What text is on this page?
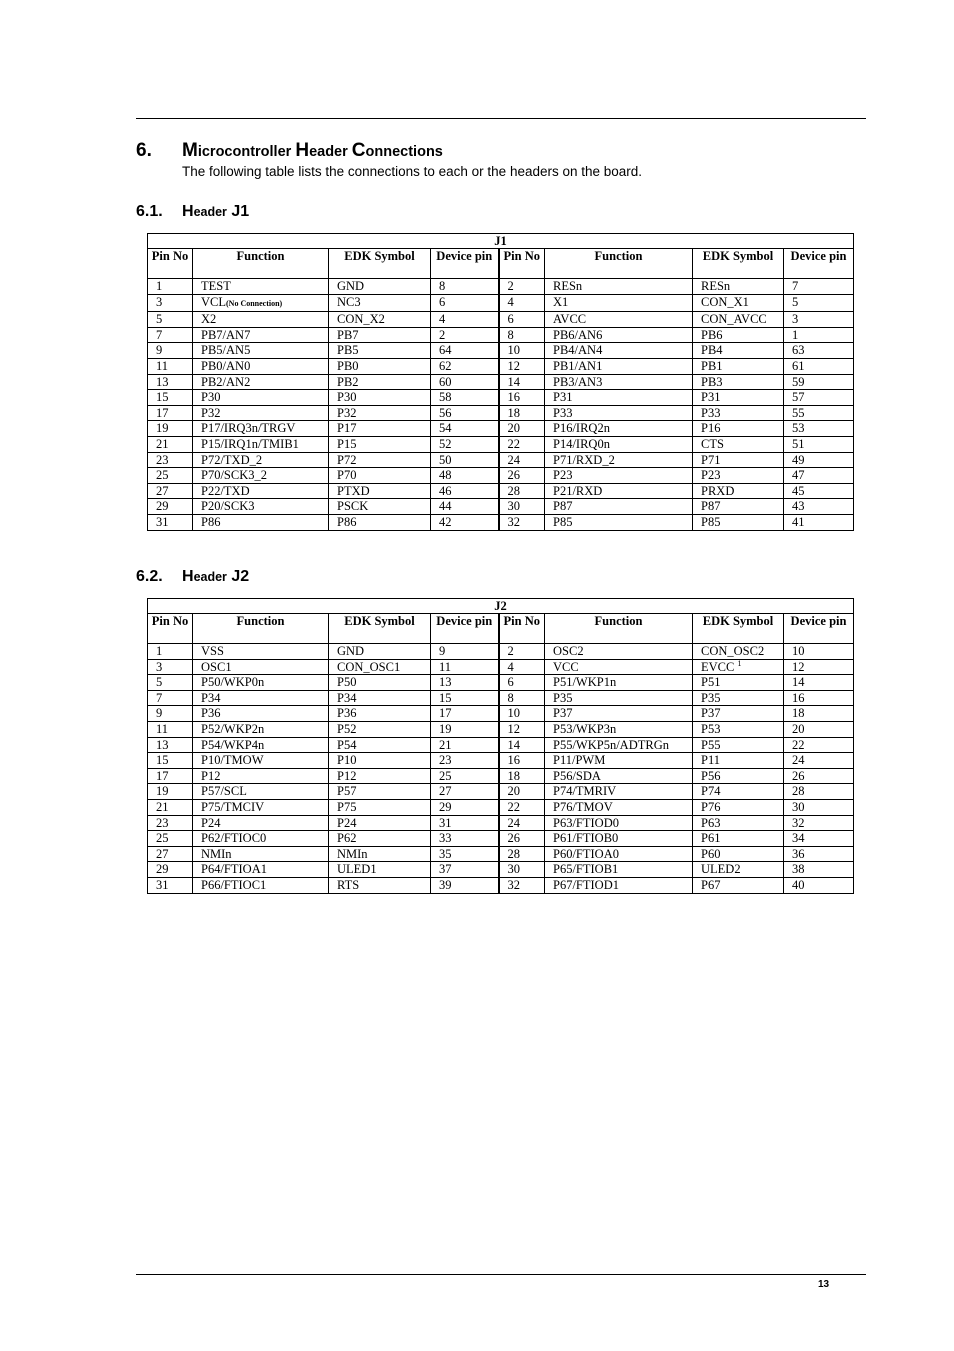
6. Microcontroller Header Connections
The following table lists the connections to each or the headers on the board.
6.1. Header J1
J1							
Pin No	Function	EDK Symbol	Device pin	Pin No	Function	EDK Symbol	Device pin
1	TEST	GND	8	2	RESn	RESn	7
3	VCL(No Connection)	NC3	6	4	X1	CON_X1	5
5	X2	CON_X2	4	6	AVCC	CON_AVCC	3
7	PB7/AN7	PB7	2	8	PB6/AN6	PB6	1
9	PB5/AN5	PB5	64	10	PB4/AN4	PB4	63
11	PB0/AN0	PB0	62	12	PB1/AN1	PB1	61
13	PB2/AN2	PB2	60	14	PB3/AN3	PB3	59
15	P30	P30	58	16	P31	P31	57
17	P32	P32	56	18	P33	P33	55
19	P17/IRQ3n/TRGV	P17	54	20	P16/IRQ2n	P16	53
21	P15/IRQ1n/TMIB1	P15	52	22	P14/IRQ0n	CTS	51
23	P72/TXD_2	P72	50	24	P71/RXD_2	P71	49
25	P70/SCK3_2	P70	48	26	P23	P23	47
27	P22/TXD	PTXD	46	28	P21/RXD	PRXD	45
29	P20/SCK3	PSCK	44	30	P87	P87	43
31	P86	P86	42	32	P85	P85	41
6.2. Header J2
J2							
Pin No	Function	EDK Symbol	Device pin	Pin No	Function	EDK Symbol	Device pin
1	VSS	GND	9	2	OSC2	CON_OSC2	10
3	OSC1	CON_OSC1	11	4	VCC	EVCC $^1$	12
5	P50/WKP0n	P50	13	6	P51/WKP1n	P51	14
7	P34	P34	15	8	P35	P35	16
9	P36	P36	17	10	P37	P37	18
11	P52/WKP2n	P52	19	12	P53/WKP3n	P53	20
13	P54/WKP4n	P54	21	14	P55/WKP5n/ADTRGn	P55	22
15	P10/TMOW	P10	23	16	P11/PWM	P11	24
17	P12	P12	25	18	P56/SDA	P56	26
19	P57/SCL	P57	27	20	P74/TMRIV	P74	28
21	P75/TMCIV	P75	29	22	P76/TMOV	P76	30
23	P24	P24	31	24	P63/FTIOD0	P63	32
25	P62/FTIOC0	P62	33	26	P61/FTIOB0	P61	34
27	NMIn	NMIn	35	28	P60/FTIOA0	P60	36
29	P64/FTIOA1	ULED1	37	30	P65/FTIOB1	ULED2	38
31	P66/FTIOC1	RTS	39	32	P67/FTIOD1	P67	40
13
